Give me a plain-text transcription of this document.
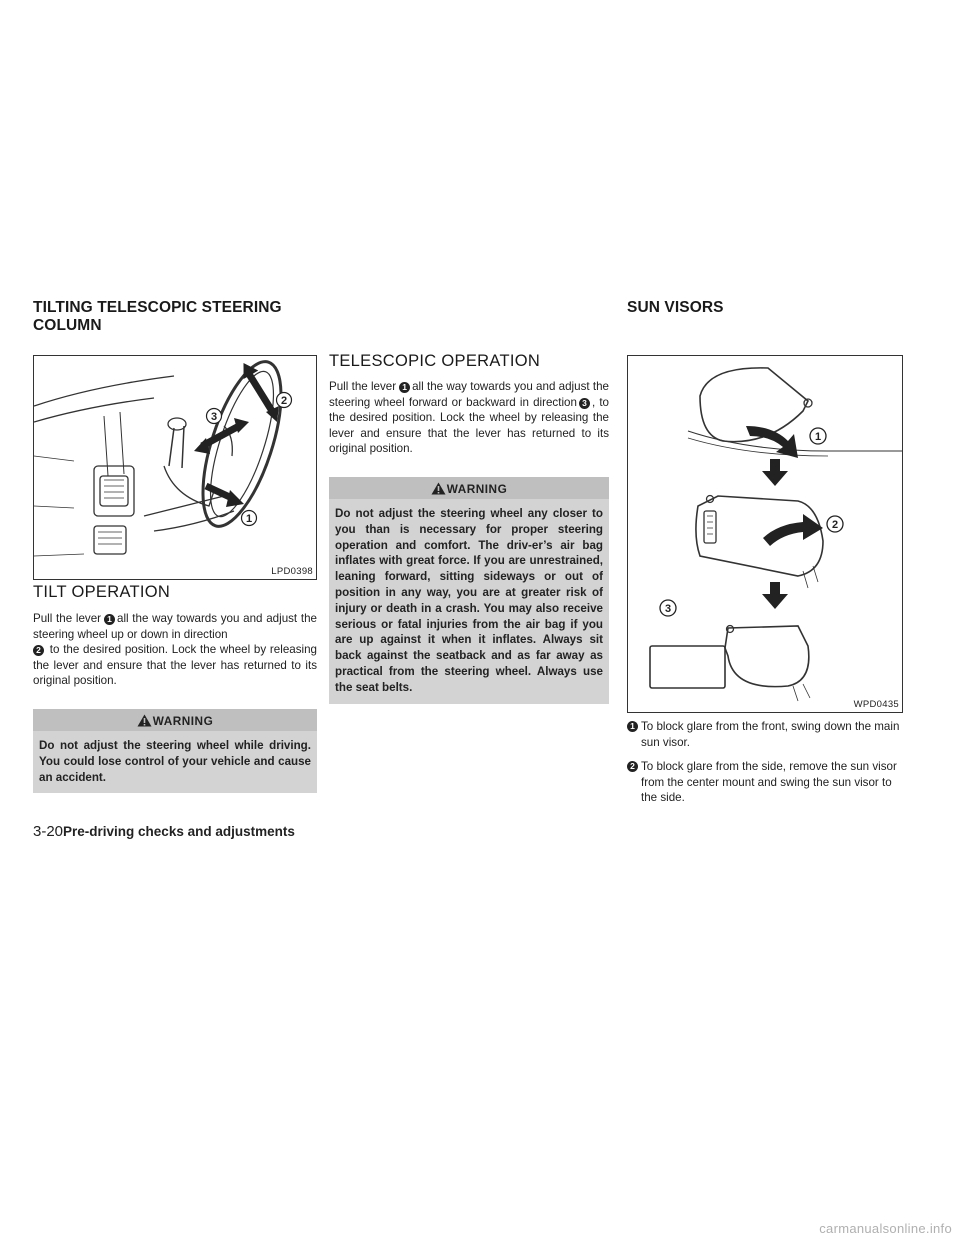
TILTING TELESCOPIC STEERING
COLUMN
SUN VISORS
2
3
1
LPD0398
TILT OPERATION

Pull the lever 1 all the way towards you and adjust the steering wheel up or down in direction
2 to the desired position. Lock the wheel by releasing the lever and ensure that the lever has returned to its original position.

WARNING
Do not adjust the steering wheel while driving. You could lose control of your vehicle and cause an accident.
TELESCOPIC OPERATION

Pull the lever 1 all the way towards you and adjust the steering wheel forward or backward in direction 3 , to the desired position. Lock the wheel by releasing the lever and ensure that the lever has returned to its original position.

WARNING
Do not adjust the steering wheel any closer to you than is necessary for proper steering operation and comfort. The driv-er’s air bag inflates with great force. If you are unrestrained, leaning forward, sitting sideways or out of position in any way, you are at greater risk of injury or death in a crash. You may also receive serious or fatal injuries from the air bag if you are up against it when it inflates. Always sit back against the seatback and as far away as practical from the steering wheel. Always use the seat belts.
1
2
3
WPD0435
1 To block glare from the front, swing down the main sun visor.
2 To block glare from the side, remove the sun visor from the center mount and swing the sun visor to the side.
3-20Pre-driving checks and adjustments
carmanualsonline.info
